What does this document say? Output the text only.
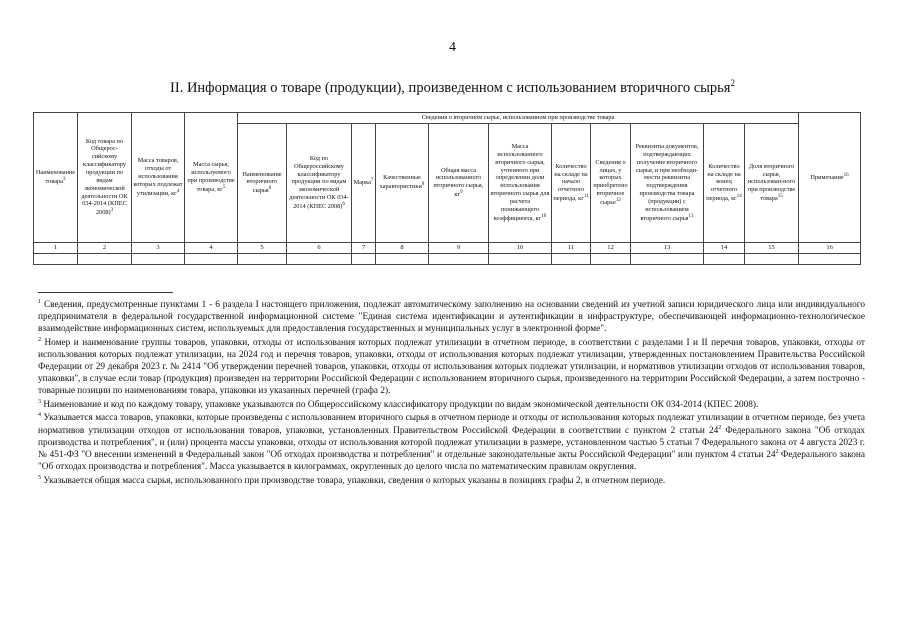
4
II. Информация о товаре (продукции), произведенном с использованием вторичного сырья$^2$
Наименование товара$^3$	Код товара по Общерос-сийскому классификатору продукции по видам экономической деятельности ОК 034-2014 (КПЕС 2008)$^3$	Масса товаров, отходы от использования которых подлежат утилизации, $кг^4$	Масса сырья, используемого при производстве товара, $кг^5$	Сведения о вторичном сырье, использованном при производстве товара											Примечание$^{16}$
				Наименование вторичного сырья$^6$	Код по Общероссийскому классификатору продукции по видам экономической деятельности ОК 034-2014 (КПЕС 2008)$^6$	Марка$^7$	Качественные характеристики$^8$	Общая масса использованного вторичного сырья, $кг^9$	Масса использованного вторичного сырья, учтенного при определении доли использования вторичного сырья для расчета понижающего коэффициента, $кг^{10}$	Количество на складе на начало отчетного периода, $кг^{11}$	Сведения о лицах, у которых приобретено вторичное сырье$^{12}$	Реквизиты документов, подтверждающих получение вторичного сырья, и при необходи-мости реквизиты подтверждения производства товара (продукции) с использованием вторичного сырья$^{13}$	Количество на складе на конец отчетного периода, $кг^{14}$	Доля вторичного сырья, использован-ного при производстве товара$^{15}$
1	2	3	4	5	6	7	8	9	10	11	12	13	14	15	16

$^1$ Сведения, предусмотренные пунктами 1 - 6 раздела I настоящего приложения, подлежат автоматическому заполнению на основании сведений из учетной записи юридического лица или индивидуального предпринимателя в федеральной государственной информационной системе "Единая система идентификации и аутентификации в инфраструктуре, обеспечивающей информационно-технологическое взаимодействие информационных систем, используемых для предоставления государственных и муниципальных услуг в электронной форме".

$^2$ Номер и наименование группы товаров, упаковки, отходы от использования которых подлежат утилизации в отчетном периоде, в соответствии с разделами I и II перечня товаров, упаковки, отходы от использования которых подлежат утилизации, на 2024 год и перечня товаров, упаковки, отходы от использования которых подлежат утилизации, утвержденных постановлением Правительства Российской Федерации от 29 декабря 2023 г. № 2414 "Об утверждении перечней товаров, упаковки, отходы от использования которых подлежат утилизации, и нормативов утилизации отходов от использования товаров, упаковки", в случае если товар (продукция) произведен на территории Российской Федерации с использованием вторичного сырья, произведенного на территории Российской Федерации, а затем построчно - товарные позиции по наименованиям товара, упаковки из указанных перечней (графа 2).

$^3$ Наименование и код по каждому товару, упаковке указываются по Общероссийскому классификатору продукции по видам экономической деятельности ОК 034-2014 (КПЕС 2008).

$^4$ Указывается масса товаров, упаковки, которые произведены с использованием вторичного сырья в отчетном периоде и отходы от использования которых подлежат утилизации в отчетном периоде, без учета нормативов утилизации отходов от использования товаров, упаковки, установленных Правительством Российской Федерации в соответствии с пунктом 2 статьи $24^2$ Федерального закона "Об отходах производства и потребления", и (или) процента массы упаковки, отходы от использования которой подлежат утилизации в размере, установленном частью 5 статьи 7 Федерального закона от 4 августа 2023 г. № 451-ФЗ "О внесении изменений в Федеральный закон "Об отходах производства и потребления" и отдельные законодательные акты Российской Федерации" или пунктом 4 статьи $24^2$ Федерального закона "Об отходах производства и потребления". Масса указывается в килограммах, округленных до целого числа по математическим правилам округления.

$^5$ Указывается общая масса сырья, использованного при производстве товара, упаковки, сведения о которых указаны в позициях графы 2, в отчетном периоде.
